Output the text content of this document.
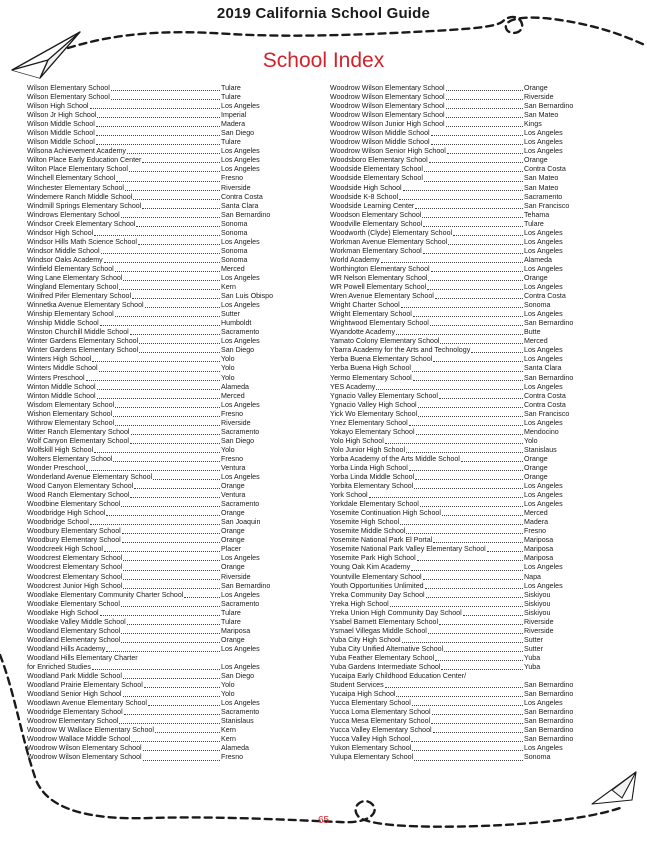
2019 California School Guide
School Index
Wilson Elementary School	Tulare
Wilson Elementary School	Tulare
Wilson High School	Los Angeles
Wilson Jr High School	Imperial
Wilson Middle School	Madera
Wilson Middle School	San Diego
Wilson Middle School	Tulare
Wilsona Achievement Academy	Los Angeles
Wilton Place Early Education Center	Los Angeles
Wilton Place Elementary School	Los Angeles
Winchell Elementary School	Fresno
Winchester Elementary School	Riverside
Windemere Ranch Middle School	Contra Costa
Windmill Springs Elementary School	Santa Clara
Windrows Elementary School	San Bernardino
Windsor Creek Elementary School	Sonoma
Windsor High School	Sonoma
Windsor Hills Math Science School	Los Angeles
Windsor Middle School	Sonoma
Windsor Oaks Academy	Sonoma
Winfield Elementary School	Merced
Wing Lane Elementary School	Los Angeles
Wingland Elementary School	Kern
Winifred Pifer Elementary School	San Luis Obispo
Winnetka Avenue Elementary School	Los Angeles
Winship Elementary School	Sutter
Winship Middle School	Humboldt
Winston Churchill Middle School	Sacramento
Winter Gardens Elementary School	Los Angeles
Winter Gardens Elementary School	San Diego
Winters High School	Yolo
Winters Middle School	Yolo
Winters Preschool	Yolo
Winton Middle School	Alameda
Winton Middle School	Merced
Wisdom Elementary School	Los Angeles
Wishon Elementary School	Fresno
Withrow Elementary School	Riverside
Witter Ranch Elementary School	Sacramento
Wolf Canyon Elementary School	San Diego
Wolfskill High School	Yolo
Wolters Elementary School	Fresno
Wonder Preschool	Ventura
Wonderland Avenue Elementary School	Los Angeles
Wood Canyon Elementary School	Orange
Wood Ranch Elementary School	Ventura
Woodbine Elementary School	Sacramento
Woodbridge High School	Orange
Woodbridge School	San Joaquin
Woodbury Elementary School	Orange
Woodbury Elementary School	Orange
Woodcreek High School	Placer
Woodcrest Elementary School	Los Angeles
Woodcrest Elementary School	Orange
Woodcrest Elementary School	Riverside
Woodcrest Junior High School	San Bernardino
Woodlake Elementary Community Charter School	Los Angeles
Woodlake Elementary School	Sacramento
Woodlake High School	Tulare
Woodlake Valley Middle School	Tulare
Woodland Elementary School	Mariposa
Woodland Elementary School	Orange
Woodland Hills Academy	Los Angeles
Woodland Hills Elementary Charter
for Enriched Studies	Los Angeles
Woodland Park Middle School	San Diego
Woodland Prairie Elementary School	Yolo
Woodland Senior High School	Yolo
Woodlawn Avenue Elementary School	Los Angeles
Woodridge Elementary School	Sacramento
Woodrow Elementary School	Stanislaus
Woodrow W Wallace Elementary School	Kern
Woodrow Wallace Middle School	Kern
Woodrow Wilson Elementary School	Alameda
Woodrow Wilson Elementary School	Fresno
Woodrow Wilson Elementary School	Orange
Woodrow Wilson Elementary School	Riverside
Woodrow Wilson Elementary School	San Bernardino
Woodrow Wilson Elementary School	San Mateo
Woodrow Wilson Junior High School	Kings
Woodrow Wilson Middle School	Los Angeles
Woodrow Wilson Middle School	Los Angeles
Woodrow Wilson Senior High School	Los Angeles
Woodsboro Elementary School	Orange
Woodside Elementary School	Contra Costa
Woodside Elementary School	San Mateo
Woodside High School	San Mateo
Woodside K-8 School	Sacramento
Woodside Learning Center	San Francisco
Woodson Elementary School	Tehama
Woodville Elementary School	Tulare
Woodworth (Clyde) Elementary School	Los Angeles
Workman Avenue Elementary School	Los Angeles
Workman Elementary School	Los Angeles
World Academy	Alameda
Worthington Elementary School	Los Angeles
WR Nelson Elementary School	Orange
WR Powell Elementary School	Los Angeles
Wren Avenue Elementary School	Contra Costa
Wright Charter School	Sonoma
Wright Elementary School	Los Angeles
Wrightwood Elementary School	San Bernardino
Wyandotte Academy	Butte
Yamato Colony Elementary School	Merced
Ybarra Academy for the Arts and Technology	Los Angeles
Yerba Buena Elementary School	Los Angeles
Yerba Buena High School	Santa Clara
Yermo Elementary School	San Bernardino
YES Academy	Los Angeles
Ygnacio Valley Elementary School	Contra Costa
Ygnacio Valley High School	Contra Costa
Yick Wo Elementary School	San Francisco
Ynez Elementary School	Los Angeles
Yokayo Elementary School	Mendocino
Yolo High School	Yolo
Yolo Junior High School	Stanislaus
Yorba Academy of the Arts Middle School	Orange
Yorba Linda High School	Orange
Yorba Linda Middle School	Orange
Yorbita Elementary School	Los Angeles
York School	Los Angeles
Yorkdale Elementary School	Los Angeles
Yosemite Continuation High School	Merced
Yosemite High School	Madera
Yosemite Middle School	Fresno
Yosemite National Park El Portal	Mariposa
Yosemite National Park Valley Elementary School	Mariposa
Yosemite Park High School	Mariposa
Young Oak Kim Academy	Los Angeles
Yountville Elementary School	Napa
Youth Opportunities Unlimited	Los Angeles
Yreka Community Day School	Siskiyou
Yreka High School	Siskiyou
Yreka Union High Community Day School	Siskiyou
Ysabel Barnett Elementary School	Riverside
Ysmael Villegas Middle School	Riverside
Yuba City High School	Sutter
Yuba City Unified Alternative School	Sutter
Yuba Feather Elementary School	Yuba
Yuba Gardens Intermediate School	Yuba
Yucaipa Early Childhood Education Center/
Student Services	San Bernardino
Yucaipa High School	San Bernardino
Yucca Elementary School	Los Angeles
Yucca Loma Elementary School	San Bernardino
Yucca Mesa Elementary School	San Bernardino
Yucca Valley Elementary School	San Bernardino
Yucca Valley High School	San Bernardino
Yukon Elementary School	Los Angeles
Yulupa Elementary School	Sonoma
65
